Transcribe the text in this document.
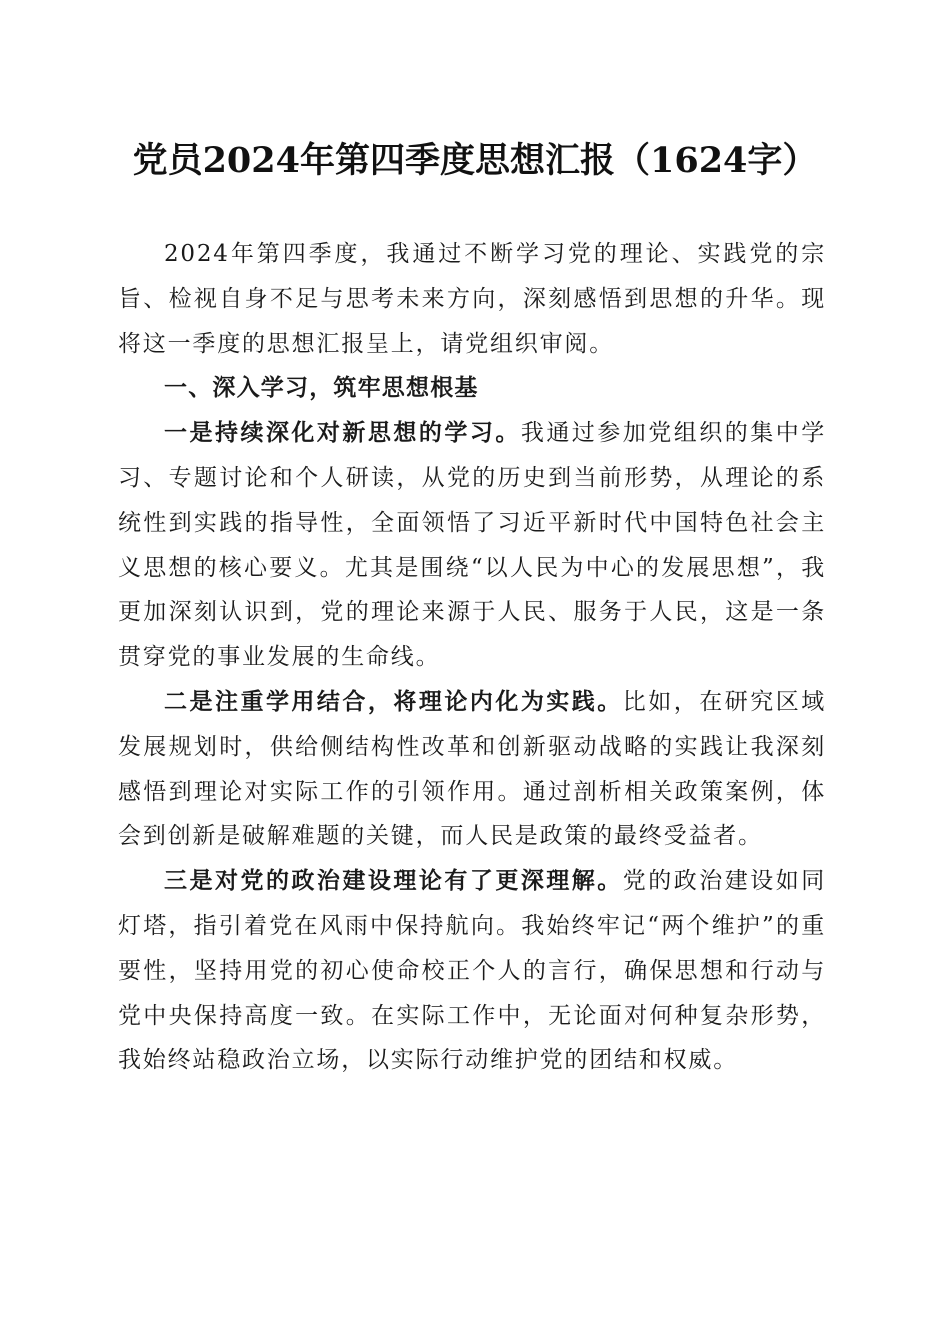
党员2024年第四季度思想汇报（1624字）

2024年第四季度，我通过不断学习党的理论、实践党的宗旨、检视自身不足与思考未来方向，深刻感悟到思想的升华。现将这一季度的思想汇报呈上，请党组织审阅。

一、深入学习，筑牢思想根基

一是持续深化对新思想的学习。我通过参加党组织的集中学习、专题讨论和个人研读，从党的历史到当前形势，从理论的系统性到实践的指导性，全面领悟了习近平新时代中国特色社会主义思想的核心要义。尤其是围绕“以人民为中心的发展思想”，我更加深刻认识到，党的理论来源于人民、服务于人民，这是一条贯穿党的事业发展的生命线。

二是注重学用结合，将理论内化为实践。比如，在研究区域发展规划时，供给侧结构性改革和创新驱动战略的实践让我深刻感悟到理论对实际工作的引领作用。通过剖析相关政策案例，体会到创新是破解难题的关键，而人民是政策的最终受益者。

三是对党的政治建设理论有了更深理解。党的政治建设如同灯塔，指引着党在风雨中保持航向。我始终牢记“两个维护”的重要性，坚持用党的初心使命校正个人的言行，确保思想和行动与党中央保持高度一致。在实际工作中，无论面对何种复杂形势，我始终站稳政治立场，以实际行动维护党的团结和权威。
